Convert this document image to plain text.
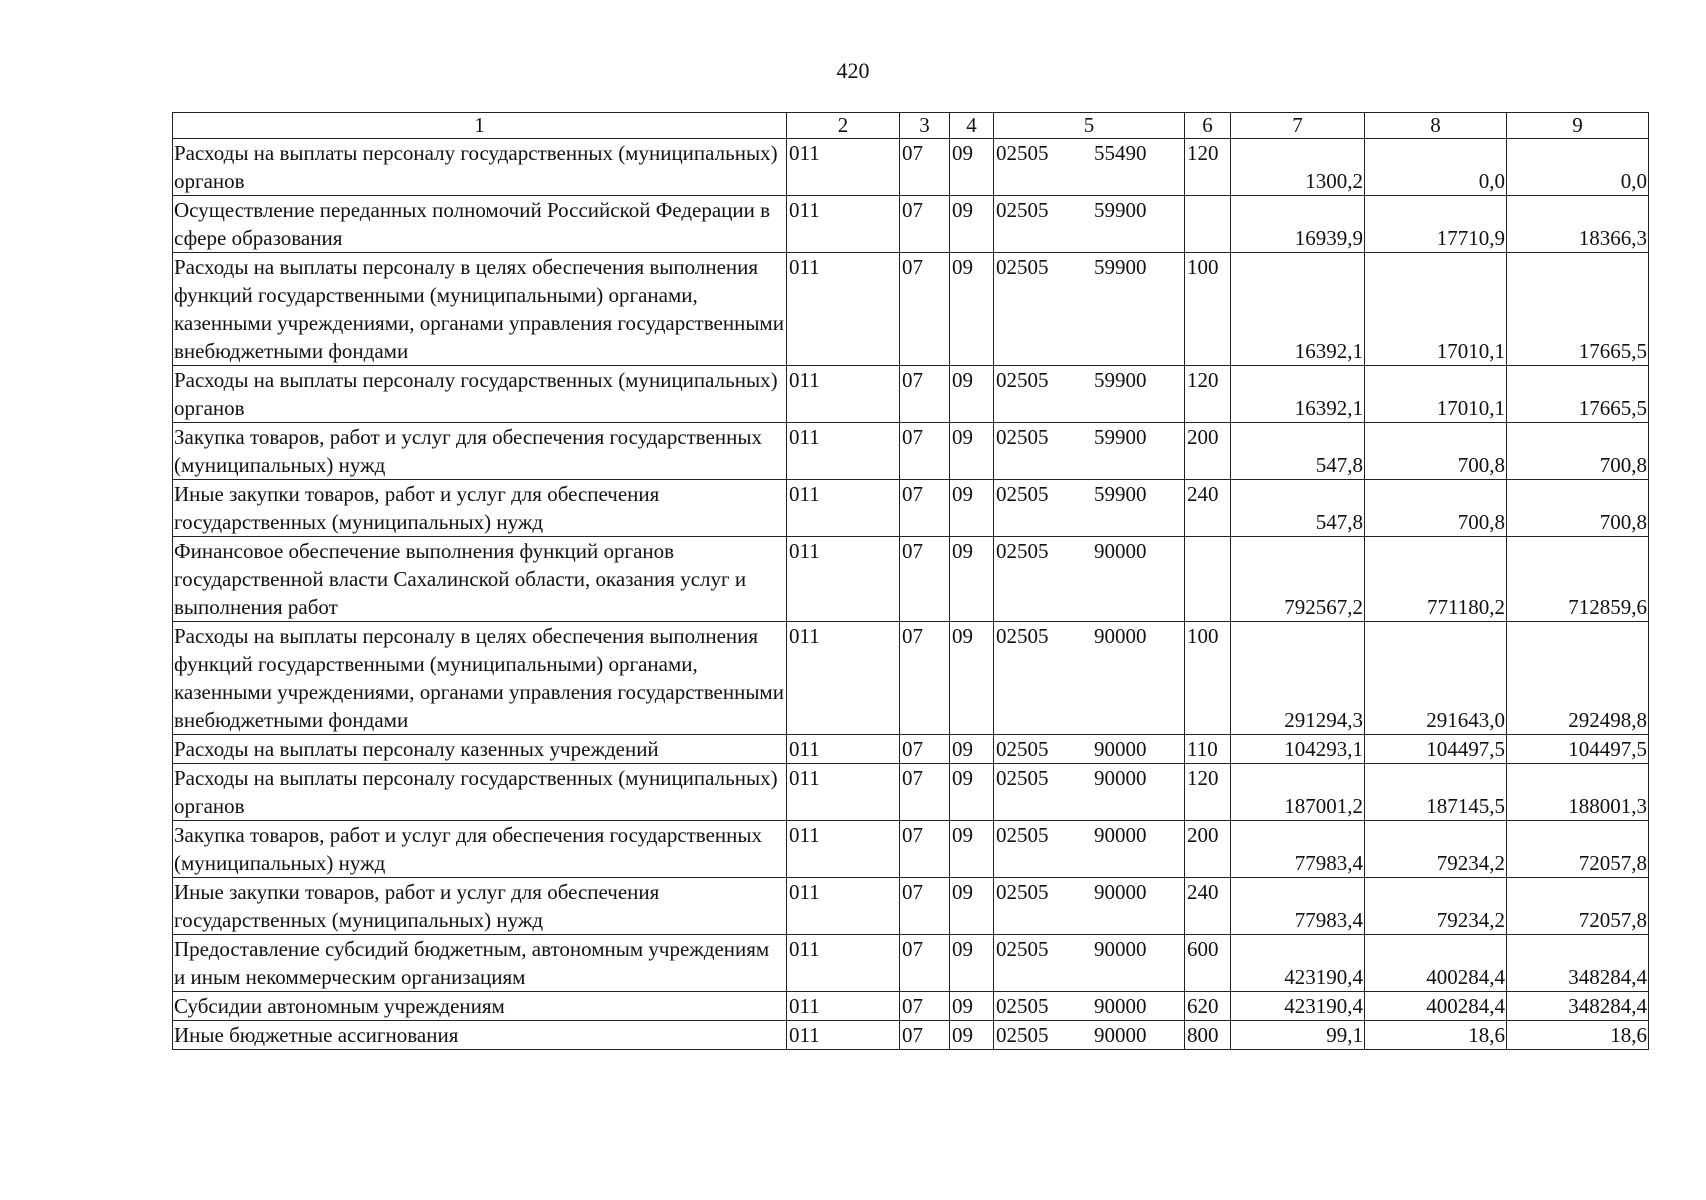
420
1	2	3	4	5	6	7	8	9
Расходы на выплаты персоналу государственных (муниципальных) органов	011	07	09	02505 55490	120	1300,2	0,0	0,0
Осуществление переданных полномочий Российской Федерации в сфере образования	011	07	09	02505 59900		16939,9	17710,9	18366,3
Расходы на выплаты персоналу в целях обеспечения выполнения функций государственными (муниципальными) органами, казенными учреждениями, органами управления государственными внебюджетными фондами	011	07	09	02505 59900	100	16392,1	17010,1	17665,5
Расходы на выплаты персоналу государственных (муниципальных) органов	011	07	09	02505 59900	120	16392,1	17010,1	17665,5
Закупка товаров, работ и услуг для обеспечения государственных (муниципальных) нужд	011	07	09	02505 59900	200	547,8	700,8	700,8
Иные закупки товаров, работ и услуг для обеспечения государственных (муниципальных) нужд	011	07	09	02505 59900	240	547,8	700,8	700,8
Финансовое обеспечение выполнения функций органов государственной власти Сахалинской области, оказания услуг и выполнения работ	011	07	09	02505 90000		792567,2	771180,2	712859,6
Расходы на выплаты персоналу в целях обеспечения выполнения функций государственными (муниципальными) органами, казенными учреждениями, органами управления государственными внебюджетными фондами	011	07	09	02505 90000	100	291294,3	291643,0	292498,8
Расходы на выплаты персоналу казенных учреждений	011	07	09	02505 90000	110	104293,1	104497,5	104497,5
Расходы на выплаты персоналу государственных (муниципальных) органов	011	07	09	02505 90000	120	187001,2	187145,5	188001,3
Закупка товаров, работ и услуг для обеспечения государственных (муниципальных) нужд	011	07	09	02505 90000	200	77983,4	79234,2	72057,8
Иные закупки товаров, работ и услуг для обеспечения государственных (муниципальных) нужд	011	07	09	02505 90000	240	77983,4	79234,2	72057,8
Предоставление субсидий бюджетным, автономным учреждениям и иным некоммерческим организациям	011	07	09	02505 90000	600	423190,4	400284,4	348284,4
Субсидии автономным учреждениям	011	07	09	02505 90000	620	423190,4	400284,4	348284,4
Иные бюджетные ассигнования	011	07	09	02505 90000	800	99,1	18,6	18,6
